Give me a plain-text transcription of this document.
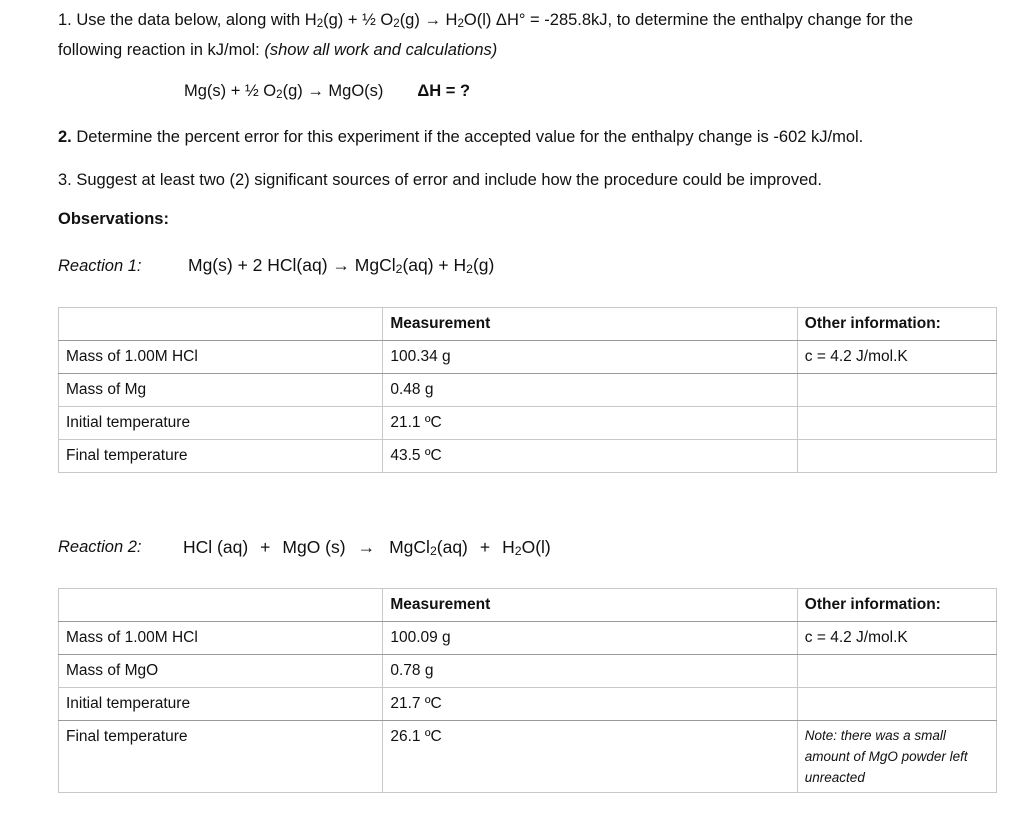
1. Use the data below, along with $H_2(g)$ + ½ $O_2(g) \to H_2O(l) \Delta H^\circ = -285.8kJ$, to determine the enthalpy change for the
following reaction in kJ/mol: (show all work and calculations)
Mg(s) + ½ $O_2(g) \to MgO(s) \Delta H$ = ?
2. Determine the percent error for this experiment if the accepted value for the enthalpy change is -602 kJ/mol.
3. Suggest at least two (2) significant sources of error and include how the procedure could be improved.
Observations:
Reaction 1:	Mg(s) + 2 HCl(aq) → MgCl$_2$(aq) + $H_2(g)$
	Measurement	Other information:
Mass of 1.00M HCl	100.34 g	c = 4.2 J/mol.K
Mass of Mg	0.48 g	
Initial temperature	21.1 ºC	
Final temperature	43.5 ºC	
Reaction 2: HCl (aq) + MgO (s) → MgCl$_2$(aq) + $H_2O(l)$
	Measurement	Other information:
Mass of 1.00M HCl	100.09 g	c = 4.2 J/mol.K
Mass of MgO	0.78 g	
Initial temperature	21.7 ºC	
Final temperature	26.1 ºC	Note: there was a small amount of MgO powder left unreacted
